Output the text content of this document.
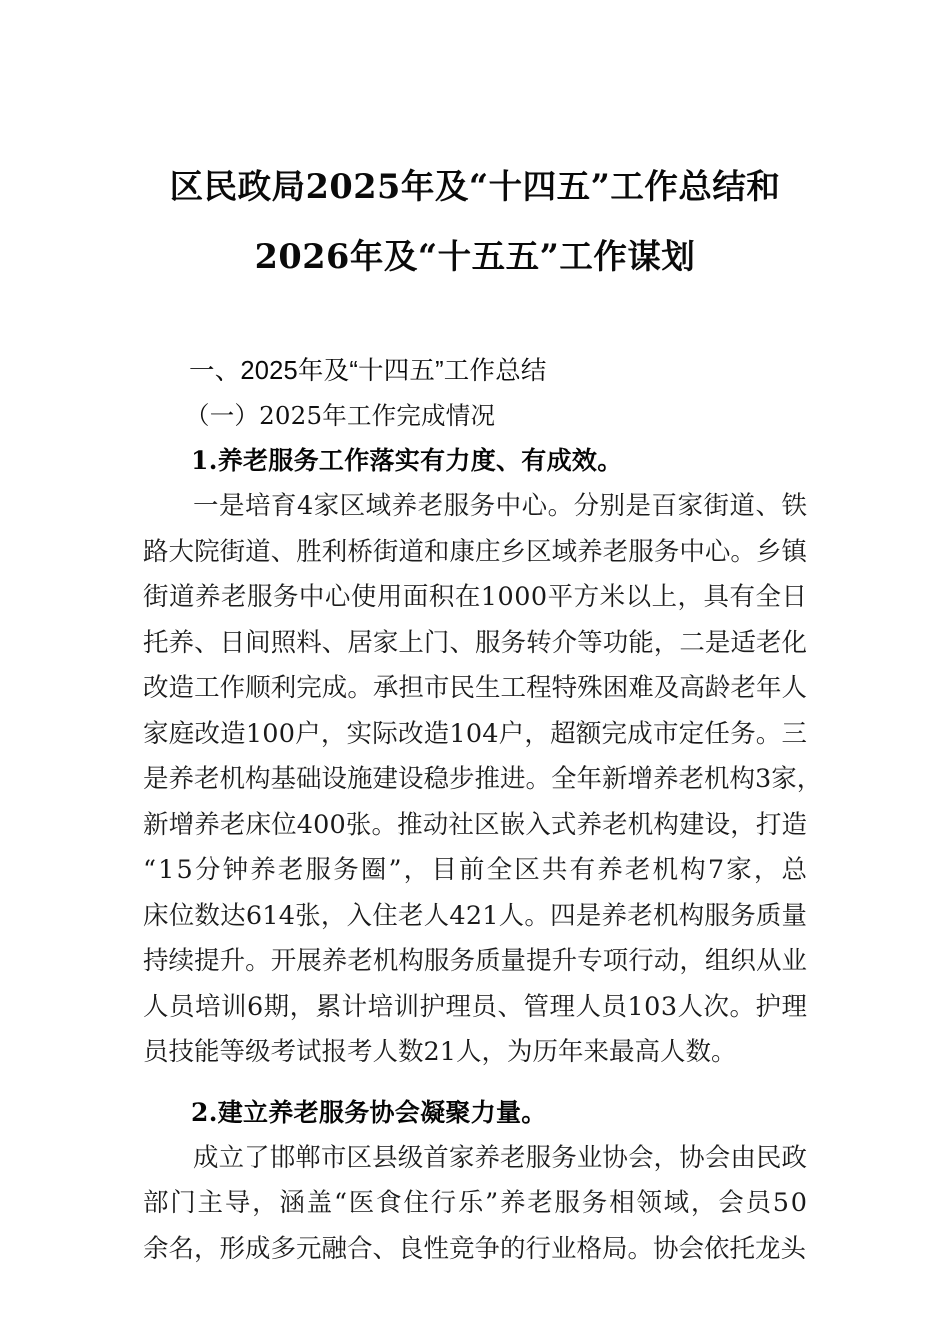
区民政局2025年及“十四五”工作总结和
2026年及“十五五”工作谋划
一、2025年及“十四五”工作总结
（一）2025年工作完成情况
1.养老服务工作落实有力度、有成效。

一是培育4家区域养老服务中心。分别是百家街道、铁
路大院街道、胜利桥街道和康庄乡区域养老服务中心。乡镇
街道养老服务中心使用面积在1000平方米以上，具有全日
托养、日间照料、居家上门、服务转介等功能，二是适老化
改造工作顺利完成。承担市民生工程特殊困难及高龄老年人
家庭改造100户，实际改造104户，超额完成市定任务。三
是养老机构基础设施建设稳步推进。全年新增养老机构3家，
新增养老床位400张。推动社区嵌入式养老机构建设，打造
“15分钟养老服务圈”，目前全区共有养老机构7家，总
床位数达614张，入住老人421人。四是养老机构服务质量
持续提升。开展养老机构服务质量提升专项行动，组织从业
人员培训6期，累计培训护理员、管理人员103人次。护理
员技能等级考试报考人数21人，为历年来最高人数。

2.建立养老服务协会凝聚力量。

成立了邯郸市区县级首家养老服务业协会，协会由民政
部门主导，涵盖“医食住行乐”养老服务相领域，会员50
余名，形成多元融合、良性竞争的行业格局。协会依托龙头
